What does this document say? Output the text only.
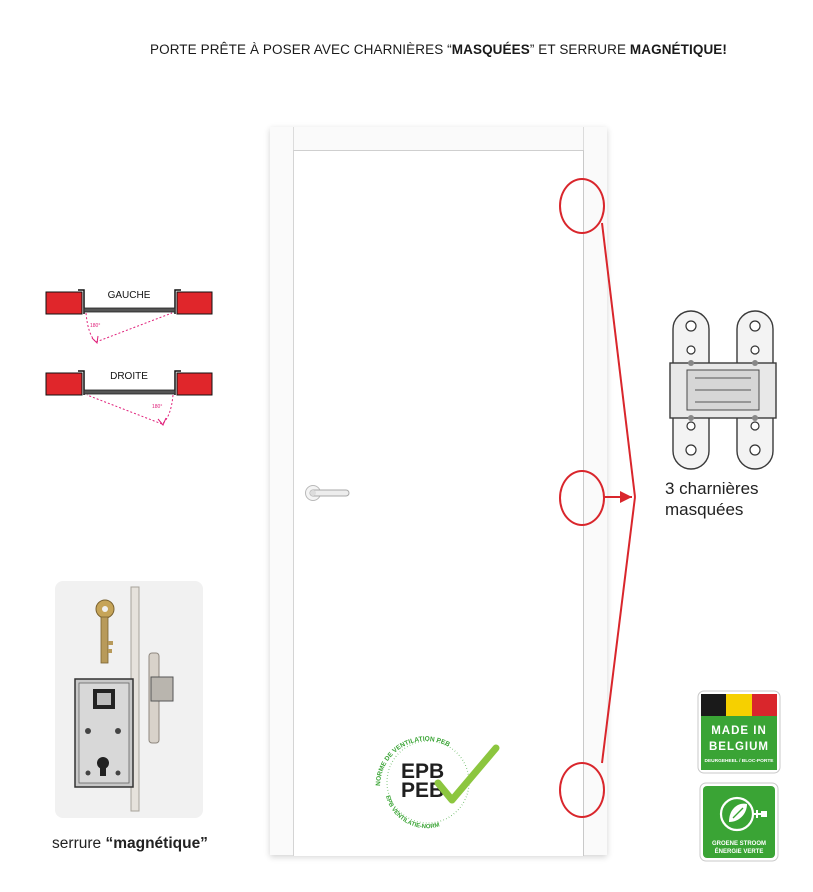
PORTE PRÊTE À POSER AVEC CHARNIÈRES “MASQUÉES” ET SERRURE MAGNÉTIQUE!
GAUCHE
180°
DROITE
180°
3 charnières
masquées
serrure “magnétique”
NORME DE VENTILATION PEB
EPB VENTILATIE-NORM
EPB
PEB
MADE IN
BELGIUM
DEURGEHEEL / BLOC-PORTE
GROENE STROOM
ÉNERGIE VERTE
